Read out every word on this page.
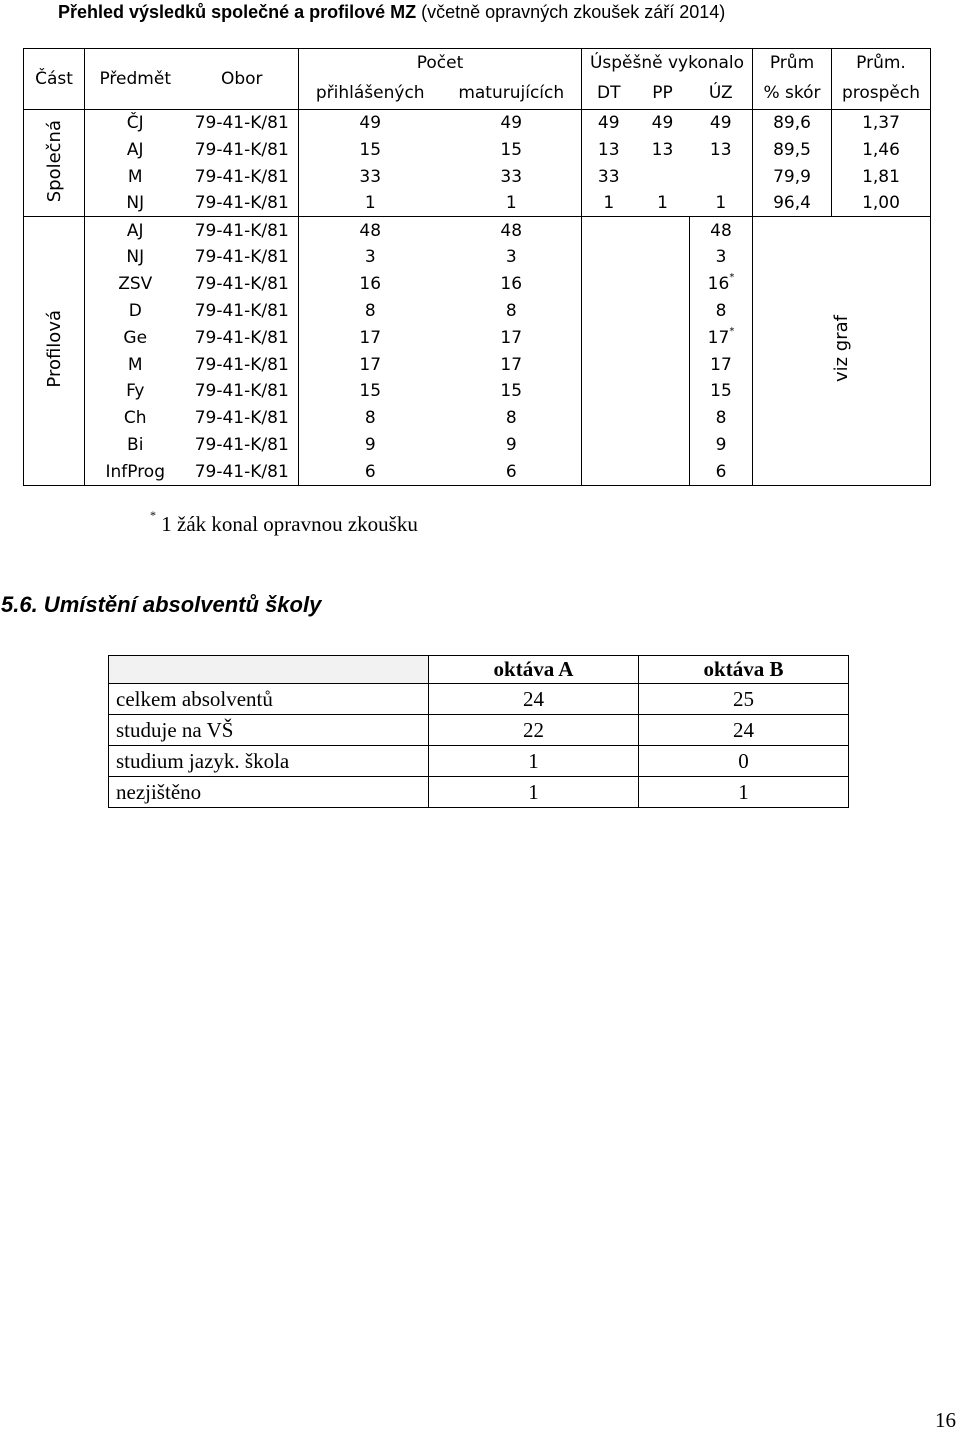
Přehled výsledků společné a profilové MZ (včetně opravných zkoušek září 2014)
Část	Předmět	Obor	Počet		Úspěšně vykonalo			Prům	Prům.
			přihlášených	maturujících	DT	PP	ÚZ	% skór	prospěch
Společná	ČJ	79-41-K/81	49	49	49	49	49	89,6	1,37
	AJ	79-41-K/81	15	15	13	13	13	89,5	1,46
	M	79-41-K/81	33	33	33			79,9	1,81
	NJ	79-41-K/81	1	1	1	1	1	96,4	1,00
Profilová	AJ	79-41-K/81	48	48			48	viz graf	
	NJ	79-41-K/81	3	3			3		
	ZSV	79-41-K/81	16	16			16*
	D	79-41-K/81	8	8			8		
	Ge	79-41-K/81	17	17			17*
	M	79-41-K/81	17	17			17		
	Fy	79-41-K/81	15	15			15		
	Ch	79-41-K/81	8	8			8		
	Bi	79-41-K/81	9	9			9		
	InfProg	79-41-K/81	6	6			6		
* 1 žák konal opravnou zkoušku
5.6. Umístění absolventů školy
	oktáva A	oktáva B
celkem absolventů	24	25
studuje na VŠ	22	24
studium jazyk. škola	1	0
nezjištěno	1	1
16
